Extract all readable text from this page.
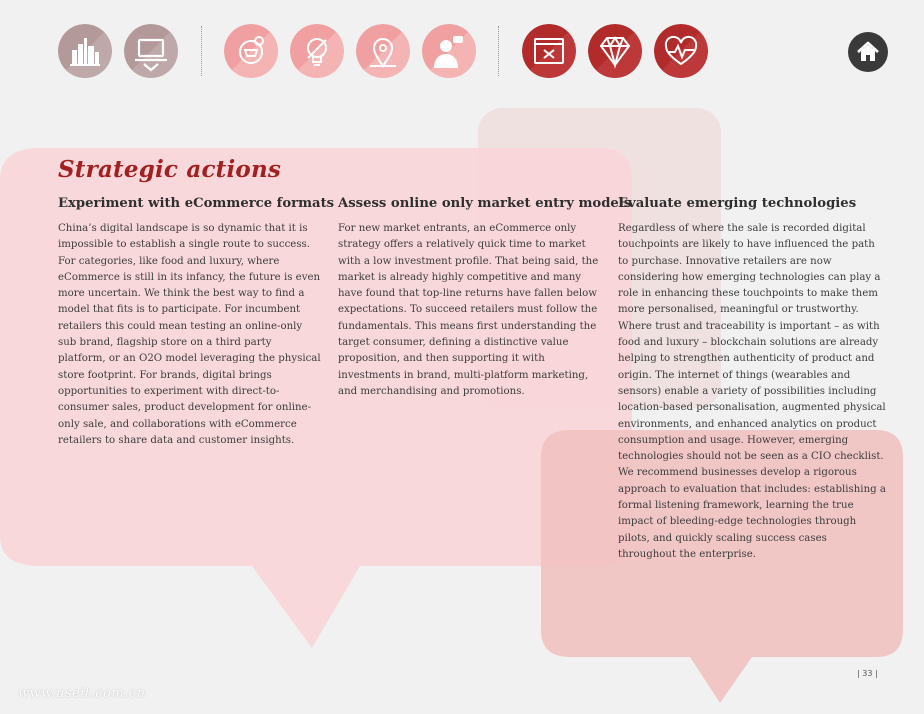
Strategic actions
Experiment with eCommerce formats

China’s digital landscape is so dynamic that it is impossible to establish a single route to success. For categories, like food and luxury, where eCommerce is still in its infancy, the future is even more uncertain. We think the best way to find a model that fits is to participate. For incumbent retailers this could mean testing an online-only sub brand, flagship store on a third party platform, or an O2O model leveraging the physical store footprint. For brands, digital brings opportunities to experiment with direct-to-consumer sales, product development for online-only sale, and collaborations with eCommerce retailers to share data and customer insights.

Assess online only market entry models

For new market entrants, an eCommerce only strategy offers a relatively quick time to market with a low investment profile. That being said, the market is already highly competitive and many have found that top-line returns have fallen below expectations. To succeed retailers must follow the fundamentals. This means first understanding the target consumer, defining a distinctive value proposition, and then supporting it with investments in brand, multi-platform marketing, and merchandising and promotions.

Evaluate emerging technologies

Regardless of where the sale is recorded digital touchpoints are likely to have influenced the path to purchase. Innovative retailers are now considering how emerging technologies can play a role in enhancing these touchpoints to make them more personalised, meaningful or trustworthy. Where trust and traceability is important – as with food and luxury – blockchain solutions are already helping to strengthen authenticity of product and origin. The internet of things (wearables and sensors) enable a variety of possibilities including location-based personalisation, augmented physical environments, and enhanced analytics on product consumption and usage. However, emerging technologies should not be seen as a CIO checklist. We recommend businesses develop a rigorous approach to evaluation that includes: establishing a formal listening framework, learning the true impact of bleeding-edge technologies through pilots, and quickly scaling success cases throughout the enterprise.

| 33 |
www.useit.com.cn
